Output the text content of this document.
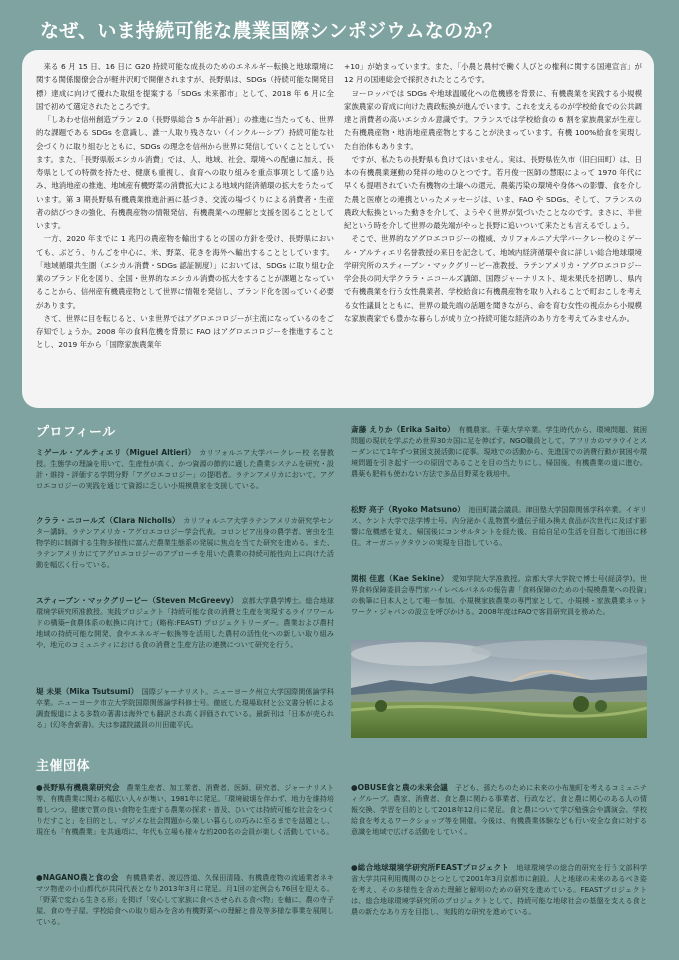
なぜ、いま持続可能な農業国際シンポジウムなのか？

来る 6 月 15 日、16 日に G20 持続可能な成長のためのエネルギー転換と地球環境に関する関係閣僚会合が軽井沢町で開催されますが、長野県は、SDGs（持続可能な開発目標）達成に向けて優れた取組を提案する「SDGs 未来都市」として、2018 年 6 月に全国で初めて選定されたところです。

「しあわせ信州創造プラン 2.0（長野県総合 5 か年計画）」の推進に当たっても、世界的な課題である SDGs を意識し、誰一人取り残さない（インクルーシブ）持続可能な社会づくりに取り組むとともに、SDGs の理念を信州から世界に発信していくこととしています。また、「長野県版エシカル消費」では、人、地域、社会、環境への配慮に加え、長寿県としての特徴を持たせ、健康も重視し、食育への取り組みを重点事項として盛り込み、地消地産の推進、地域産有機野菜の消費拡大による地域内経済循環の拡大をうたっています。第 3 期長野県有機農業推進計画に基づき、交流の場づくりによる消費者・生産者の結びつきの強化、有機農産物の情報発信、有機農業への理解と支援を図ることとしています。

一方、2020 年までに 1 兆円の農産物を輸出するとの国の方針を受け、長野県においても、ぶどう、りんごを中心に、米、野菜、花きを海外へ輸出することとしています。「地域循環共生圏（エシカル消費・SDGs 認証制度）」においては、SDGs に取り組む企業のブランド化を図り、全国・世界的なエシカル消費の拡大をすることが課題となっていることから、信州産有機農産物として世界に情報を発信し、ブランド化を図っていく必要があります。

さて、世界に目を転じると、いま世界ではアグロエコロジーが主流になっているのをご存知でしょうか。2008 年の食料危機を背景に FAO はアグロエコロジーを推進することとし、2019 年から「国際家族農業年

+10」が始まっています。また、「小農と農村で働く人びとの権利に関する国連宣言」が 12 月の国連総会で採択されたところです。

ヨーロッパでは SDGs や地球温暖化への危機感を背景に、有機農業を実践する小規模家族農家の育成に向けた農政転換が進んでいます。これを支えるのが学校給食での公共調達と消費者の高いエシカル意識です。フランスでは学校給食の 6 割を家族農家が生産した有機農産物・地消地産農産物とすることが決まっています。有機 100%給食を実現した自治体もあります。

ですが、私たちの長野県も負けてはいません。実は、長野県佐久市（旧臼田町）は、日本の有機農業運動の発祥の地のひとつです。若月俊一医師の慧眼によって 1970 年代に早くも提唱されていた有機物の土壌への還元、農薬汚染の環境や身体への影響、食を介した農と医療との連携といったメッセージは、いま、FAO や SDGs、そして、フランスの農政大転換といった動きを介して、ようやく世界が気づいたことなのです。まさに、半世紀という時を介して世界の最先端がやっと長野に追いついて来たとも言えるでしょう。

そこで、世界的なアグロエコロジーの権威、カリフォルニア大学バークレー校のミゲール・アルティエリ名誉教授の来日を記念して、地域内経済循環や食に詳しい総合地球環境学研究所のスティーブン・マックグリービー准教授、ラテンアメリカ・アグロエコロジー学会長の同大学クララ・ニコールズ講師、国際ジャーナリスト、堤未果氏を招聘し、県内で有機農業を行う女性農業者、学校給食に有機農産物を取り入れることで町おこしを考える女性議員とともに、世界の最先端の話題を聞きながら、命を育む女性の視点から小規模な家族農家でも豊かな暮らしが成り立つ持続可能な経済のあり方を考えてみませんか。

プロフィール

ミゲール・アルティエリ（Miguel Altieri）　 カリフォルニア大学バークレー校 名誉教授。生態学の理論を用いて、生産性が高く、かつ資源の節約に適した農業システムを研究・設計・維持・評価する学問分野「アグロエコロジー」の提唱者。ラテンアメリカにおいて、アグロエコロジーの実践を通じて資源に乏しい小規模農家を支援している。

クララ・ニコールズ（Clara Nicholls）　 カリフォルニア大学ラテンアメリカ研究学センター講師。ラテンアメリカ・アグロエコロジー学会代表。コロンビア出身の農学者。害虫を生物学的に制御する生物多様性に富んだ農業生態系の発展に焦点を当てた研究を進める。また、ラテンアメリカにてアグロエコロジーのアプローチを用いた農業の持続可能性向上に向けた活動を幅広く行っている。

スティーブン・マックグリービー（Steven McGreevy）　 京都大学農学博士。総合地球環境学研究所准教授。実践プロジェクト「持続可能な食の消費と生産を実現するライフワールドの構築─食農体系の転換に向けて」(略称:FEAST) プロジェクトリーダー。農業および農村地域の持続可能な開発、食やエネルギー転換等を活用した農村の活性化への新しい取り組みや、地元のコミュニティにおける食の消費と生産方法の連携について研究を行う。

堤 未果（Mika Tsutsumi）　 国際ジャーナリスト。ニューヨーク州立大学国際関係論学科卒業。ニューヨーク市立大学院国際関係論学科修士号。徹底した現場取材と公文書分析による調査報道による多数の著書は海外でも翻訳され高く評価されている。最新刊は「日本が売られる」(幻冬舎新書)。夫は参議院議員の川田龍平氏。

斎藤 えりか（Erika Saito）　 有機農家。千葉大学卒業。学生時代から、環境問題、貧困問題の現状を学ぶため世界30カ国に足を伸ばす。NGO職員として、アフリカのマラウイとスーダンにて1年ずつ貧困支援活動に従事。現地での活動から、先進国での消費行動が貧困や環境問題を引き起す一つの原因であることを目の当たりにし、帰国後、有機農業の道に進む。農薬も肥料も使わない方法で多品目野菜を栽培中。

松野 亮子（Ryoko Matsuno）　 池田町議会議員。津田塾大学国際関係学科卒業。イギリス、ケント大学で法学博士号。内分泌かく乱物質や遺伝子組み換え食品が次世代に及ぼす影響に危機感を覚え、帰国後にコンサルタントを経た後、自給自足の生活を目指して池田に移住。オーガニックタウンの実現を目指している。

関根 佳恵（Kae Sekine）　 愛知学院大学准教授。京都大学大学院で博士号(経済学)。世界食料保障委員会専門家ハイレベルパネルの報告書「食料保障のための小規模農業への投資」の執筆に日本人として唯一参加。小規模家族農業の専門家として、小規模・家族農業ネットワーク・ジャパンの設立を呼びかける。2008年度はFAOで客員研究員を務めた。

主催団体
●長野県有機農業研究会　 農業生産者、加工業者、消費者、医師、研究者、ジャーナリスト等、有機農業に関わる幅広い人々が集い、1981年に発足。「環境破壊を伴わず、地力を維持培養しつつ、健康で質の良い食物を生産する農業の探求・普及、ひいては持続可能な社会をつくりだすこと」を目的とし、マジメな社会問題から楽しい暮らしの巧みに至るまでを話題とし、現在も「有機農業」を共通項に、年代も立場も様々な約200名の会員が楽しく活動している。
●NAGANO農と食の会　 有機農業者、渡辺啓道、久保田清隆、有機農産物の流通業者ネキマツ物産の小山都代が共同代表となり2013年3月に発足。月1回の定例会も76回を迎える。「野菜で変わる生きる形」を掲げ「安心して家族に食べさせられる食べ物」を軸に、農の寺子屋、食の寺子屋、学校給食への取り組みを含め有機野菜への理解と普及等多様な事業を展開している。
●OBUSE食と農の未来会議　 子ども、孫たちのために未来の小布施町を考えるコミュニティグループ。農家、消費者、食と農に関わる事業者、行政など、食と農に関心のある人の情報交換、学習を目的として2018年12月に発足。食と農について学び勉強会や講演会、学校給食を考えるワークショップ等を開催。今後は、有機農業体験なども行い安全な食に対する意識を地域で広げる活動をしていく。
●総合地球環境学研究所FEASTプロジェクト　 地球環境学の総合的研究を行う文部科学省大学共同利用機関のひとつとして2001年3月京都市に創設。人と地球の未来のあるべき姿を考え、その多様性を含めた理解と解明のための研究を進めている。FEASTプロジェクトは、総合地球環境学研究所のプロジェクトとして、持続可能な地球社会の基盤を支える食と農の新たなあり方を目指し、実践的な研究を進めている。
